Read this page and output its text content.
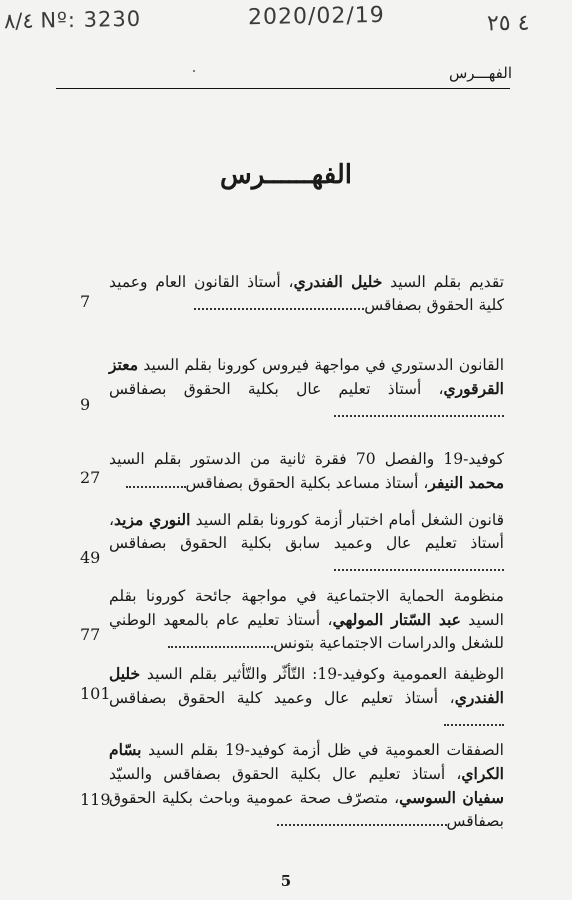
٨/٤ Nº: 3230	2020/02/19	٤ ٢٥
الفهـــرس
الفهــــــرس
تقديم بقلم السيد خليل الفندري، أستاذ القانون العام وعميد كلية الحقوق بصفاقس
7
القانون الدستوري في مواجهة فيروس كورونا بقلم السيد معتز القرقوري، أستاذ تعليم عال بكلية الحقوق بصفاقس
9
كوفيد-19 والفصل 70 فقرة ثانية من الدستور بقلم السيد محمد النيفر، أستاذ مساعد بكلية الحقوق بصفاقس
27
قانون الشغل أمام اختبار أزمة كورونا بقلم السيد النوري مزيد، أستاذ تعليم عال وعميد سابق بكلية الحقوق بصفاقس
49
منظومة الحماية الاجتماعية في مواجهة جائحة كورونا بقلم السيد عبد السّتار المولهي، أستاذ تعليم عام بالمعهد الوطني للشغل والدراسات الاجتماعية بتونس
77
الوظيفة العمومية وكوفيد-19: التّأثّر والتّأثير بقلم السيد خليل الفندري، أستاذ تعليم عال وعميد كلية الحقوق بصفاقس
101
الصفقات العمومية في ظل أزمة كوفيد-19 بقلم السيد بسّام الكراي، أستاذ تعليم عال بكلية الحقوق بصفاقس والسيّد سفيان السوسي، متصرّف صحة عمومية وباحث بكلية الحقوق بصفاقس
119
5
